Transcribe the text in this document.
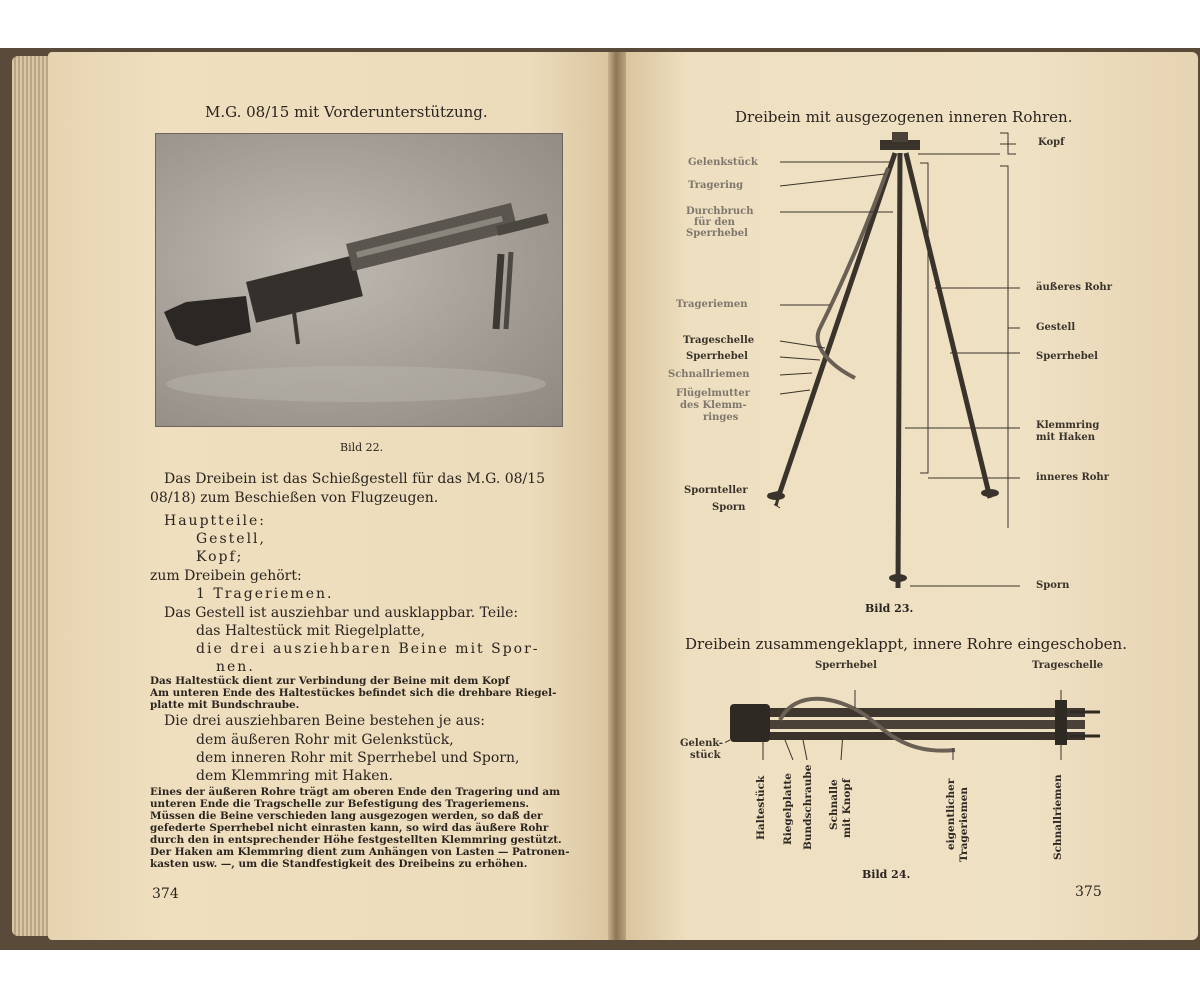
M.G. 08/15 mit Vorderunterstützung.
Bild 22.
Das Dreibein ist das Schießgestell für das M.G. 08/15
08/18) zum Beschießen von Flugzeugen.
Hauptteile:
Gestell,
Kopf;
zum Dreibein gehört:
1 Trageriemen.
Das Gestell ist ausziehbar und ausklappbar. Teile:
das Haltestück mit Riegelplatte,
die drei ausziehbaren Beine mit Spor-
nen.
Das Haltestück dient zur Verbindung der Beine mit dem Kopf
Am unteren Ende des Haltestückes befindet sich die drehbare Riegel-
platte mit Bundschraube.
Die drei ausziehbaren Beine bestehen je aus:
dem äußeren Rohr mit Gelenkstück,
dem inneren Rohr mit Sperrhebel und Sporn,
dem Klemmring mit Haken.
Eines der äußeren Rohre trägt am oberen Ende den Tragering und am
unteren Ende die Tragschelle zur Befestigung des Trageriemens.
Müssen die Beine verschieden lang ausgezogen werden, so daß der
gefederte Sperrhebel nicht einrasten kann, so wird das äußere Rohr
durch den in entsprechender Höhe festgestellten Klemmring gestützt.
Der Haken am Klemmring dient zum Anhängen von Lasten — Patronen-
kasten usw. —, um die Standfestigkeit des Dreibeins zu erhöhen.
374
Dreibein mit ausgezogenen inneren Rohren.
Gelenkstück
Tragering
Durchbruch
für den
Sperrhebel
Trageriemen
Trageschelle
Sperrhebel
Schnallriemen
Flügelmutter
des Klemm-
ringes
Spornteller
Sporn
Kopf
äußeres Rohr
Gestell
Sperrhebel
Klemmring
mit Haken
inneres Rohr
Sporn
Bild 23.
Dreibein zusammengeklappt, innere Rohre eingeschoben.
Sperrhebel	Trageschelle
Gelenk-
stück
Haltestück Riegelplatte Bundschraube Schnalle mit Knopf	eigentlicher Trageriemen	Schnallriemen
Bild 24.
375
